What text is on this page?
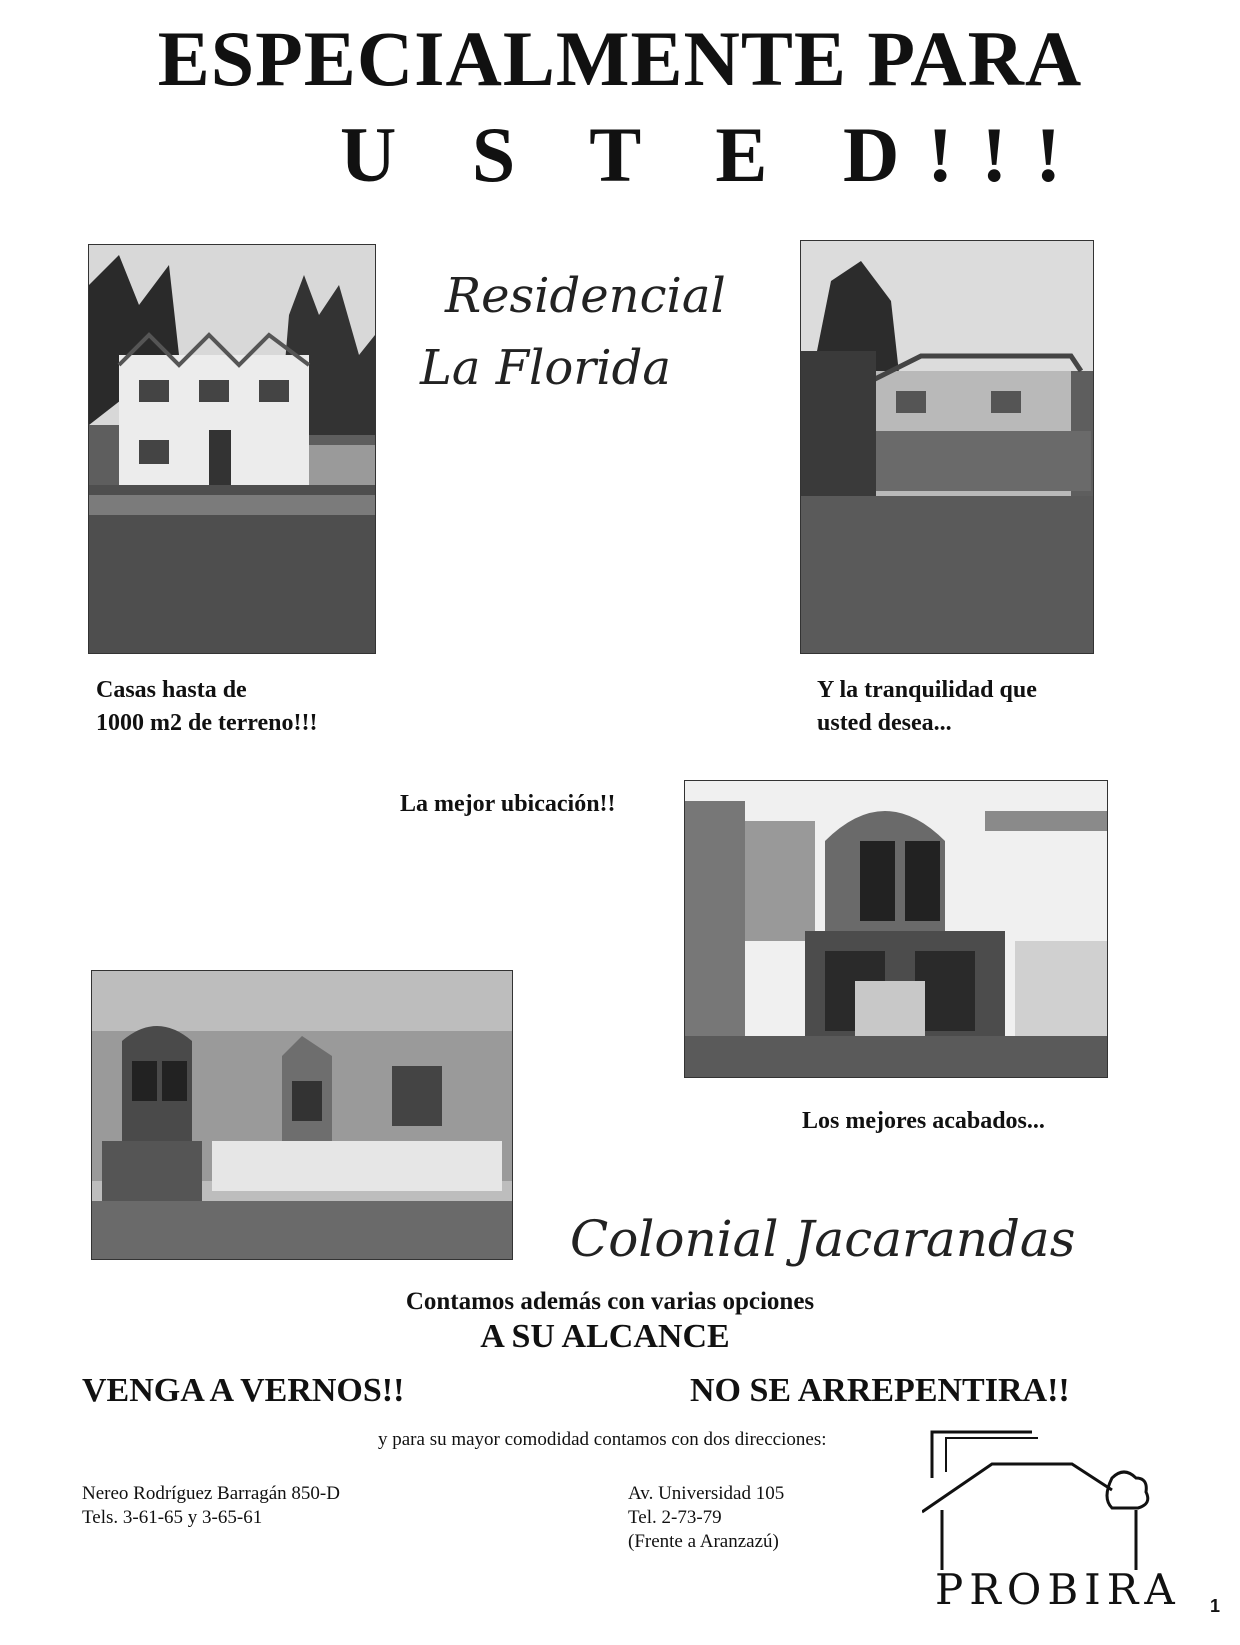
ESPECIALMENTE PARA
U S T E D!!!
Residencial
La Florida
Casas hasta de
1000 m2 de terreno!!!
Y la tranquilidad que
usted desea...
La mejor ubicación!!
Los mejores acabados...
Colonial Jacarandas
Contamos además con varias opciones
A SU ALCANCE
VENGA A VERNOS!!	NO SE ARREPENTIRA!!
y para su mayor comodidad contamos con dos direcciones:
Nereo Rodríguez Barragán 850-D
Tels. 3-61-65 y 3-65-61
Av. Universidad 105
Tel. 2-73-79
(Frente a Aranzazú)
PROBIRA 1
